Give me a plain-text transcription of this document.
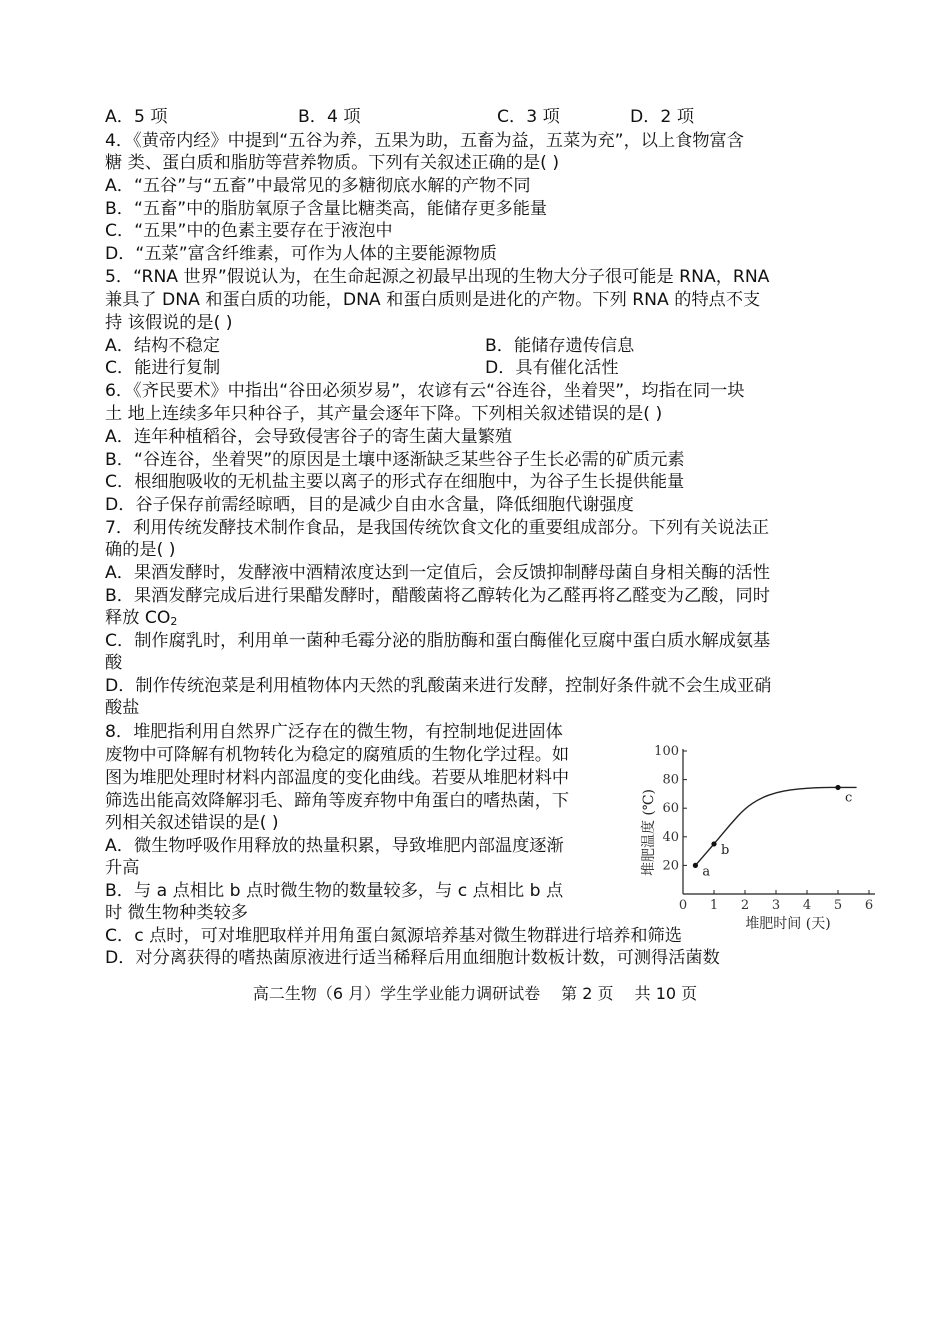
A．5 项	B．4 项	C．3 项	D．2 项
4．《黄帝内经》中提到“五谷为养，五果为助，五畜为益，五菜为充”，以上食物富含
糖 类、蛋白质和脂肪等营养物质。下列有关叙述正确的是( )
A．“五谷”与“五畜”中最常见的多糖彻底水解的产物不同
B．“五畜”中的脂肪氧原子含量比糖类高，能储存更多能量
C．“五果”中的色素主要存在于液泡中
D．“五菜”富含纤维素，可作为人体的主要能源物质
5．“RNA 世界”假说认为，在生命起源之初最早出现的生物大分子很可能是 RNA，RNA
兼具了 DNA 和蛋白质的功能，DNA 和蛋白质则是进化的产物。下列 RNA 的特点不支
持 该假说的是( )
A．结构不稳定	B．能储存遗传信息
C．能进行复制	D．具有催化活性
6．《齐民要术》中指出“谷田必须岁易”，农谚有云“谷连谷，坐着哭”，均指在同一块
土 地上连续多年只种谷子，其产量会逐年下降。下列相关叙述错误的是( )
A．连年种植稻谷，会导致侵害谷子的寄生菌大量繁殖
B．“谷连谷，坐着哭”的原因是土壤中逐渐缺乏某些谷子生长必需的矿质元素
C．根细胞吸收的无机盐主要以离子的形式存在细胞中，为谷子生长提供能量
D．谷子保存前需经晾晒，目的是减少自由水含量，降低细胞代谢强度
7．利用传统发酵技术制作食品，是我国传统饮食文化的重要组成部分。下列有关说法正
确的是( )
A．果酒发酵时，发酵液中酒精浓度达到一定值后，会反馈抑制酵母菌自身相关酶的活性
B．果酒发酵完成后进行果醋发酵时，醋酸菌将乙醇转化为乙醛再将乙醛变为乙酸，同时
释放 $CO_2$
C．制作腐乳时，利用单一菌种毛霉分泌的脂肪酶和蛋白酶催化豆腐中蛋白质水解成氨基
酸
D．制作传统泡菜是利用植物体内天然的乳酸菌来进行发酵，控制好条件就不会生成亚硝
酸盐
8．堆肥指利用自然界广泛存在的微生物，有控制地促进固体
废物中可降解有机物转化为稳定的腐殖质的生物化学过程。如
图为堆肥处理时材料内部温度的变化曲线。若要从堆肥材料中
筛选出能高效降解羽毛、蹄角等废弃物中角蛋白的嗜热菌，下
列相关叙述错误的是( )
A．微生物呼吸作用释放的热量积累，导致堆肥内部温度逐渐
升高
B．与 a 点相比 b 点时微生物的数量较多，与 c 点相比 b 点
时 微生物种类较多
C．c 点时，可对堆肥取样并用角蛋白氮源培养基对微生物群进行培养和筛选
D．对分离获得的嗜热菌原液进行适当稀释后用血细胞计数板计数，可测得活菌数
0 1 2 3 4 5 6
20
40
60
80
100
堆肥时间 (天)
堆肥温度 (℃)	a
b
c
高二生物（6 月）学生学业能力调研试卷　 第 2 页　 共 10 页
